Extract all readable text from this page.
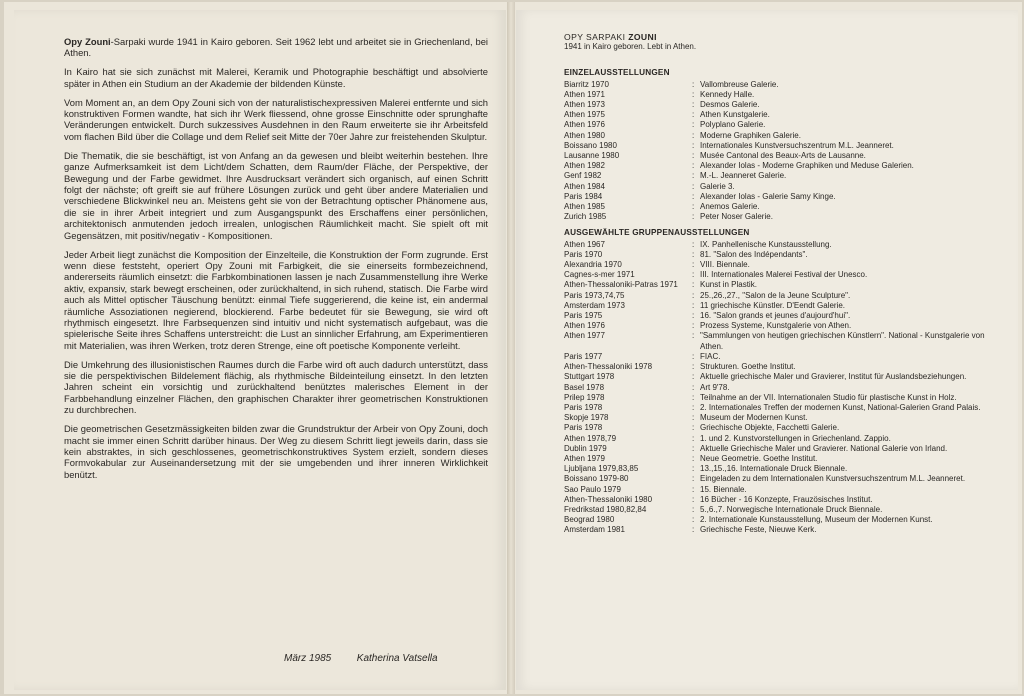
Opy Zouni-Sarpaki wurde 1941 in Kairo geboren. Seit 1962 lebt und arbeitet sie in Griechenland, bei Athen.

In Kairo hat sie sich zunächst mit Malerei, Keramik und Photographie beschäftigt und absolvierte später in Athen ein Studium an der Akademie der bildenden Künste.

Vom Moment an, an dem Opy Zouni sich von der naturalistischexpressiven Malerei entfernte und sich konstruktiven Formen wandte, hat sich ihr Werk fliessend, ohne grosse Einschnitte oder sprunghafte Veränderungen entwickelt. Durch sukzessives Ausdehnen in den Raum erweiterte sie ihr Arbeitsfeld vom flachen Bild über die Collage und dem Relief seit Mitte der 70er Jahre zur freistehenden Skulptur.

Die Thematik, die sie beschäftigt, ist von Anfang an da gewesen und bleibt weiterhin bestehen. Ihre ganze Aufmerksamkeit ist dem Licht/dem Schatten, dem Raum/der Fläche, der Perspektive, der Bewegung und der Farbe gewidmet. Ihre Ausdrucksart verändert sich organisch, auf einen Schritt folgt der nächste; oft greift sie auf frühere Lösungen zurück und geht über andere Materialien und verschiedene Blickwinkel neu an. Meistens geht sie von der Betrachtung optischer Phänomene aus, die sie in ihrer Arbeit integriert und zum Ausgangspunkt des Erschaffens einer persönlichen, architektonisch anmutenden jedoch irrealen, unlogischen Räumlichkeit macht. Sie spielt oft mit Gegensätzen, mit positiv/negativ - Kompositionen.

Jeder Arbeit liegt zunächst die Komposition der Einzelteile, die Konstruktion der Form zugrunde. Erst wenn diese feststeht, operiert Opy Zouni mit Farbigkeit, die sie einerseits formbezeichnend, andererseits räumlich einsetzt: die Farbkombinationen lassen je nach Zusammenstellung ihre Werke aktiv, expansiv, stark bewegt erscheinen, oder zurückhaltend, in sich ruhend, statisch. Die Farbe wird auch als Mittel optischer Täuschung benützt: einmal Tiefe suggerierend, die keine ist, ein andermal räumliche Assoziationen negierend, blockierend. Farbe bedeutet für sie Bewegung, sie wird oft rhythmisch eingesetzt. Ihre Farbsequenzen sind intuitiv und nicht systematisch aufgebaut, was die spielerische Seite ihres Schaffens unterstreicht: die Lust an sinnlicher Erfahrung, am Experimentieren mit Materialien, was ihren Werken, trotz deren Strenge, eine oft poetische Komponente verleiht.

Die Umkehrung des illusionistischen Raumes durch die Farbe wird oft auch dadurch unterstützt, dass sie die perspektivischen Bildelement flächig, als rhythmische Bildeinteilung einsetzt. In den letzten Jahren scheint ein vorsichtig und zurückhaltend benütztes malerisches Element in der Farbbehandlung einzelner Flächen, den graphischen Charakter ihrer geometrischen Konstruktionen zu durchbrechen.

Die geometrischen Gesetzmässigkeiten bilden zwar die Grundstruktur der Arbeir von Opy Zouni, doch macht sie immer einen Schritt darüber hinaus. Der Weg zu diesem Schritt liegt jeweils darin, dass sie kein abstraktes, in sich geschlossenes, geometrischkonstruktives System erzielt, sondern dieses Formvokabular zur Auseinandersetzung mit der sie umgebenden und ihrer inneren Wirklichkeit benützt.

März 1985	Katherina Vatsella
OPY SARPAKI ZOUNI
1941 in Kairo geboren. Lebt in Athen.
EINZELAUSSTELLUNGEN
Biarritz 1970	: Vallombreuse Galerie.
Athen 1971	: Kennedy Halle.
Athen 1973	: Desmos Galerie.
Athen 1975	: Athen Kunstgalerie.
Athen 1976	: Polyplano Galerie.
Athen 1980	: Moderne Graphiken Galerie.
Boissano 1980	: Internationales Kunstversuchszentrum M.L. Jeanneret.
Lausanne 1980	: Musée Cantonal des Beaux-Arts de Lausanne.
Athen 1982	: Alexander Iolas - Moderne Graphiken und Meduse Galerien.
Genf 1982	: M.-L. Jeanneret Galerie.
Athen 1984	: Galerie 3.
Paris 1984	: Alexander Iolas - Galerie Samy Kinge.
Athen 1985	: Anemos Galerie.
Zurich 1985	: Peter Noser Galerie.
AUSGEWÄHLTE GRUPPENAUSSTELLUNGEN
Athen 1967	: IX. Panhellenische Kunstausstellung.
Paris 1970	: 81. "Salon des Indépendants".
Alexandria 1970	: VIII. Biennale.
Cagnes-s-mer 1971	: III. Internationales Malerei Festival der Unesco.
Athen-Thessaloniki-Patras 1971	: Kunst in Plastik.
Paris 1973,74,75	: 25.,26.,27., "Salon de la Jeune Sculpture".
Amsterdam 1973	: 11 griechische Künstler. D'Eendt Galerie.
Paris 1975	: 16. "Salon grands et jeunes d'aujourd'hui".
Athen 1976	: Prozess Systeme, Kunstgalerie von Athen.
Athen 1977	: "Sammlungen von heutigen griechischen Künstlern". National - Kunstgalerie von Athen.
Paris 1977	: FIAC.
Athen-Thessaloniki 1978	: Strukturen. Goethe Institut.
Stuttgart 1978	: Aktuelle griechische Maler und Gravierer, Institut für Auslandsbeziehungen.
Basel 1978	: Art 9'78.
Prilep 1978	: Teilnahme an der VII. Internationalen Studio für plastische Kunst in Holz.
Paris 1978	: 2. Internationales Treffen der modernen Kunst, National-Galerien Grand Palais.
Skopje 1978	: Museum der Modernen Kunst.
Paris 1978	: Griechische Objekte, Facchetti Galerie.
Athen 1978,79	: 1. und 2. Kunstvorstellungen in Griechenland. Zappio.
Dublin 1979	: Aktuelle Griechische Maler und Gravierer. National Galerie von Irland.
Athen 1979	: Neue Geometrie. Goethe Institut.
Ljubljana 1979,83,85	: 13.,15.,16. Internationale Druck Biennale.
Boissano 1979-80	: Eingeladen zu dem Internationalen Kunstversuchszentrum M.L. Jeanneret.
Sao Paulo 1979	: 15. Biennale.
Athen-Thessaloniki 1980	: 16 Bücher - 16 Konzepte, Frauzösisches Institut.
Fredrikstad 1980,82,84	: 5.,6.,7. Norwegische Internationale Druck Biennale.
Beograd 1980	: 2. Internationale Kunstausstellung, Museum der Modernen Kunst.
Amsterdam 1981	: Griechische Feste, Nieuwe Kerk.
